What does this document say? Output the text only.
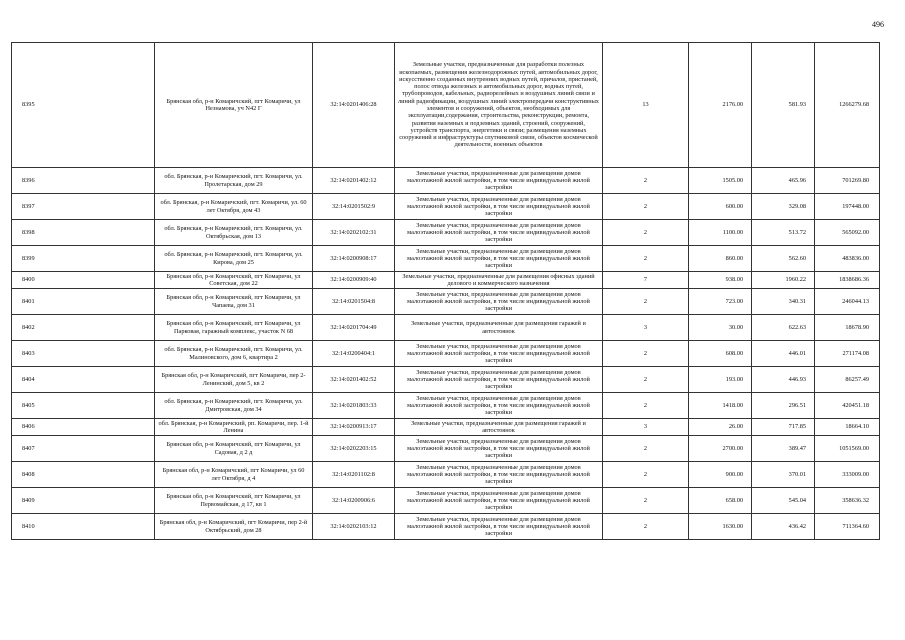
496
8395	Брянская обл, р-н Комаричский, пгт Комаричи, ул Незнамова, уч N42 Г	32:14:0201406:28	Земельные участки, предназначенные для разработки полезных ископаемых, размещения железнодорожных путей, автомобильных дорог, искусственно созданных внутренних водных путей, причалов, пристаней, полос отвода железных и автомобильных дорог, водных путей, трубопроводов, кабельных, радиорелейных и воздушных линий связи и линий радиофикации, воздушных линий электропередачи конструктивных элементов и сооружений, объектов, необходимых для эксплуатации,содержания, строительства, реконструкции, ремонта, развития наземных и подземных зданий, строений, сооружений, устройств транспорта, энергетики и связи; размещения наземных сооружений и инфраструктуры спутниковой связи, объектов космической деятельности, военных объектов	13	2176.00	581.93	1266279.68
8396	обл. Брянская, р-н Комаричский, пгт. Комаричи, ул. Пролетарская, дом 29	32:14:0201402:12	Земельные участки, предназначенные для размещения домов малоэтажной жилой застройки, в том числе индивидуальной жилой застройки	2	1505.00	465.96	701269.80
8397	обл. Брянская, р-н Комаричский, пгт. Комаричи, ул. 60 лет Октября, дом 43	32:14:0201502:9	Земельные участки, предназначенные для размещения домов малоэтажной жилой застройки, в том числе индивидуальной жилой застройки	2	600.00	329.08	197448.00
8398	обл. Брянская, р-н Комаричский, пгт. Комаричи, ул. Октябрьская, дом 13	32:14:0202102:31	Земельные участки, предназначенные для размещения домов малоэтажной жилой застройки, в том числе индивидуальной жилой застройки	2	1100.00	513.72	565092.00
8399	обл. Брянская, р-н Комаричский, пгт. Комаричи, ул. Кирова, дом 25	32:14:0200908:17	Земельные участки, предназначенные для размещения домов малоэтажной жилой застройки, в том числе индивидуальной жилой застройки	2	860.00	562.60	483836.00
8400	Брянская обл, р-н Комаричский, пгт Комаричи, ул Советская, дом 22	32:14:0200909:40	Земельные участки, предназначенные для размещения офисных зданий делового и коммерческого назначения	7	938.00	1960.22	1838686.36
8401	Брянская обл, р-н Комаричский, пгт Комаричи, ул Чапаева, дом 31	32:14:0201504:8	Земельные участки, предназначенные для размещения домов малоэтажной жилой застройки, в том числе индивидуальной жилой застройки	2	723.00	340.31	246044.13
8402	Брянская обл, р-н Комаричский, пгт Комаричи, ул Парковая, гаражный комплекс, участок N 68	32:14:0201704:49	Земельные участки, предназначенные для размещения гаражей и автостоянок	3	30.00	622.63	18678.90
8403	обл. Брянская, р-н Комаричский, пгт. Комаричи, ул. Малиновского, дом 6, квартира 2	32:14:0200404:1	Земельные участки, предназначенные для размещения домов малоэтажной жилой застройки, в том числе индивидуальной жилой застройки	2	608.00	446.01	271174.08
8404	Брянская обл, р-н Комаричский, пгт Комаричи, пер 2-Ленинский, дом 5, кв 2	32:14:0201402:52	Земельные участки, предназначенные для размещения домов малоэтажной жилой застройки, в том числе индивидуальной жилой застройки	2	193.00	446.93	86257.49
8405	обл. Брянская, р-н Комаричский, пгт. Комаричи, ул. Дмитровская, дом 34	32:14:0201803:33	Земельные участки, предназначенные для размещения домов малоэтажной жилой застройки, в том числе индивидуальной жилой застройки	2	1418.00	296.51	420451.18
8406	обл. Брянская, р-н Комаричский, рп. Комаричи, пер. 1-й Ленина	32:14:0200913:17	Земельные участки, предназначенные для размещения гаражей и автостоянок	3	26.00	717.85	18664.10
8407	Брянская обл, р-н Комаричский, пгт Комаричи, ул Садовая, д 2 д	32:14:0202203:15	Земельные участки, предназначенные для размещения домов малоэтажной жилой застройки, в том числе индивидуальной жилой застройки	2	2700.00	389.47	1051569.00
8408	Брянская обл, р-н Комаричский, пгт Комаричи, ул 60 лет Октября, д 4	32:14:0201102:8	Земельные участки, предназначенные для размещения домов малоэтажной жилой застройки, в том числе индивидуальной жилой застройки	2	900.00	370.01	333009.00
8409	Брянская обл, р-н Комаричский, пгт Комаричи, ул Первомайская, д 17, кв 1	32:14:0200906:6	Земельные участки, предназначенные для размещения домов малоэтажной жилой застройки, в том числе индивидуальной жилой застройки	2	658.00	545.04	358636.32
8410	Брянская обл, р-н Комаричский, пгт Комаричи, пер 2-й Октябрьский, дом 28	32:14:0202103:12	Земельные участки, предназначенные для размещения домов малоэтажной жилой застройки, в том числе индивидуальной жилой застройки	2	1630.00	436.42	711364.60
